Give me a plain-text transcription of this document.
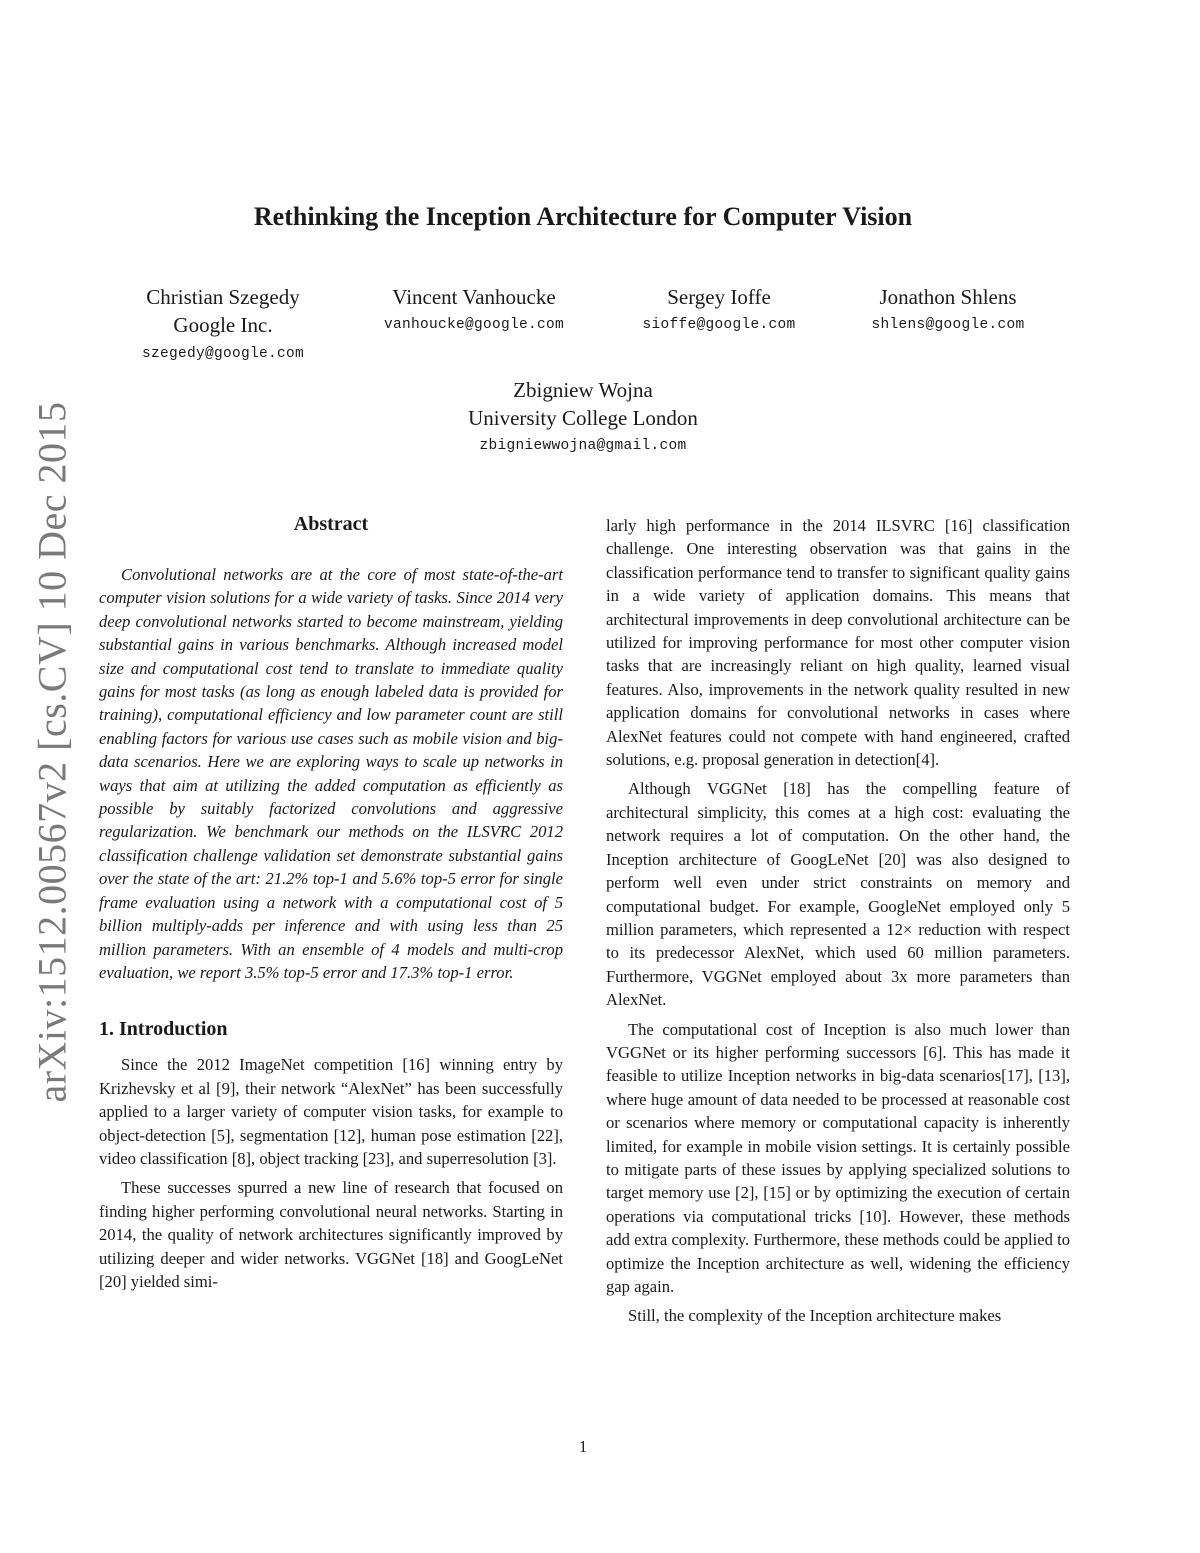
arXiv:1512.00567v2 [cs.CV] 10 Dec 2015
Rethinking the Inception Architecture for Computer Vision
Christian Szegedy
Google Inc.
szegedy@google.com
Vincent Vanhoucke
vanhoucke@google.com
Sergey Ioffe
sioffe@google.com
Jonathon Shlens
shlens@google.com
Zbigniew Wojna
University College London
zbigniewwojna@gmail.com
Abstract

Convolutional networks are at the core of most state-of-the-art computer vision solutions for a wide variety of tasks. Since 2014 very deep convolutional networks started to become mainstream, yielding substantial gains in various benchmarks. Although increased model size and computational cost tend to translate to immediate quality gains for most tasks (as long as enough labeled data is provided for training), computational efficiency and low parameter count are still enabling factors for various use cases such as mobile vision and big-data scenarios. Here we are exploring ways to scale up networks in ways that aim at utilizing the added computation as efficiently as possible by suitably factorized convolutions and aggressive regularization. We benchmark our methods on the ILSVRC 2012 classification challenge validation set demonstrate substantial gains over the state of the art: 21.2% top-1 and 5.6% top-5 error for single frame evaluation using a network with a computational cost of 5 billion multiply-adds per inference and with using less than 25 million parameters. With an ensemble of 4 models and multi-crop evaluation, we report 3.5% top-5 error and 17.3% top-1 error.

1. Introduction

Since the 2012 ImageNet competition [16] winning entry by Krizhevsky et al [9], their network “AlexNet” has been successfully applied to a larger variety of computer vision tasks, for example to object-detection [5], segmentation [12], human pose estimation [22], video classification [8], object tracking [23], and superresolution [3].

These successes spurred a new line of research that focused on finding higher performing convolutional neural networks. Starting in 2014, the quality of network architectures significantly improved by utilizing deeper and wider networks. VGGNet [18] and GoogLeNet [20] yielded simi-

larly high performance in the 2014 ILSVRC [16] classification challenge. One interesting observation was that gains in the classification performance tend to transfer to significant quality gains in a wide variety of application domains. This means that architectural improvements in deep convolutional architecture can be utilized for improving performance for most other computer vision tasks that are increasingly reliant on high quality, learned visual features. Also, improvements in the network quality resulted in new application domains for convolutional networks in cases where AlexNet features could not compete with hand engineered, crafted solutions, e.g. proposal generation in detection[4].

Although VGGNet [18] has the compelling feature of architectural simplicity, this comes at a high cost: evaluating the network requires a lot of computation. On the other hand, the Inception architecture of GoogLeNet [20] was also designed to perform well even under strict constraints on memory and computational budget. For example, GoogleNet employed only 5 million parameters, which represented a 12× reduction with respect to its predecessor AlexNet, which used 60 million parameters. Furthermore, VGGNet employed about 3x more parameters than AlexNet.

The computational cost of Inception is also much lower than VGGNet or its higher performing successors [6]. This has made it feasible to utilize Inception networks in big-data scenarios[17], [13], where huge amount of data needed to be processed at reasonable cost or scenarios where memory or computational capacity is inherently limited, for example in mobile vision settings. It is certainly possible to mitigate parts of these issues by applying specialized solutions to target memory use [2], [15] or by optimizing the execution of certain operations via computational tricks [10]. However, these methods add extra complexity. Furthermore, these methods could be applied to optimize the Inception architecture as well, widening the efficiency gap again.

Still, the complexity of the Inception architecture makes

1
